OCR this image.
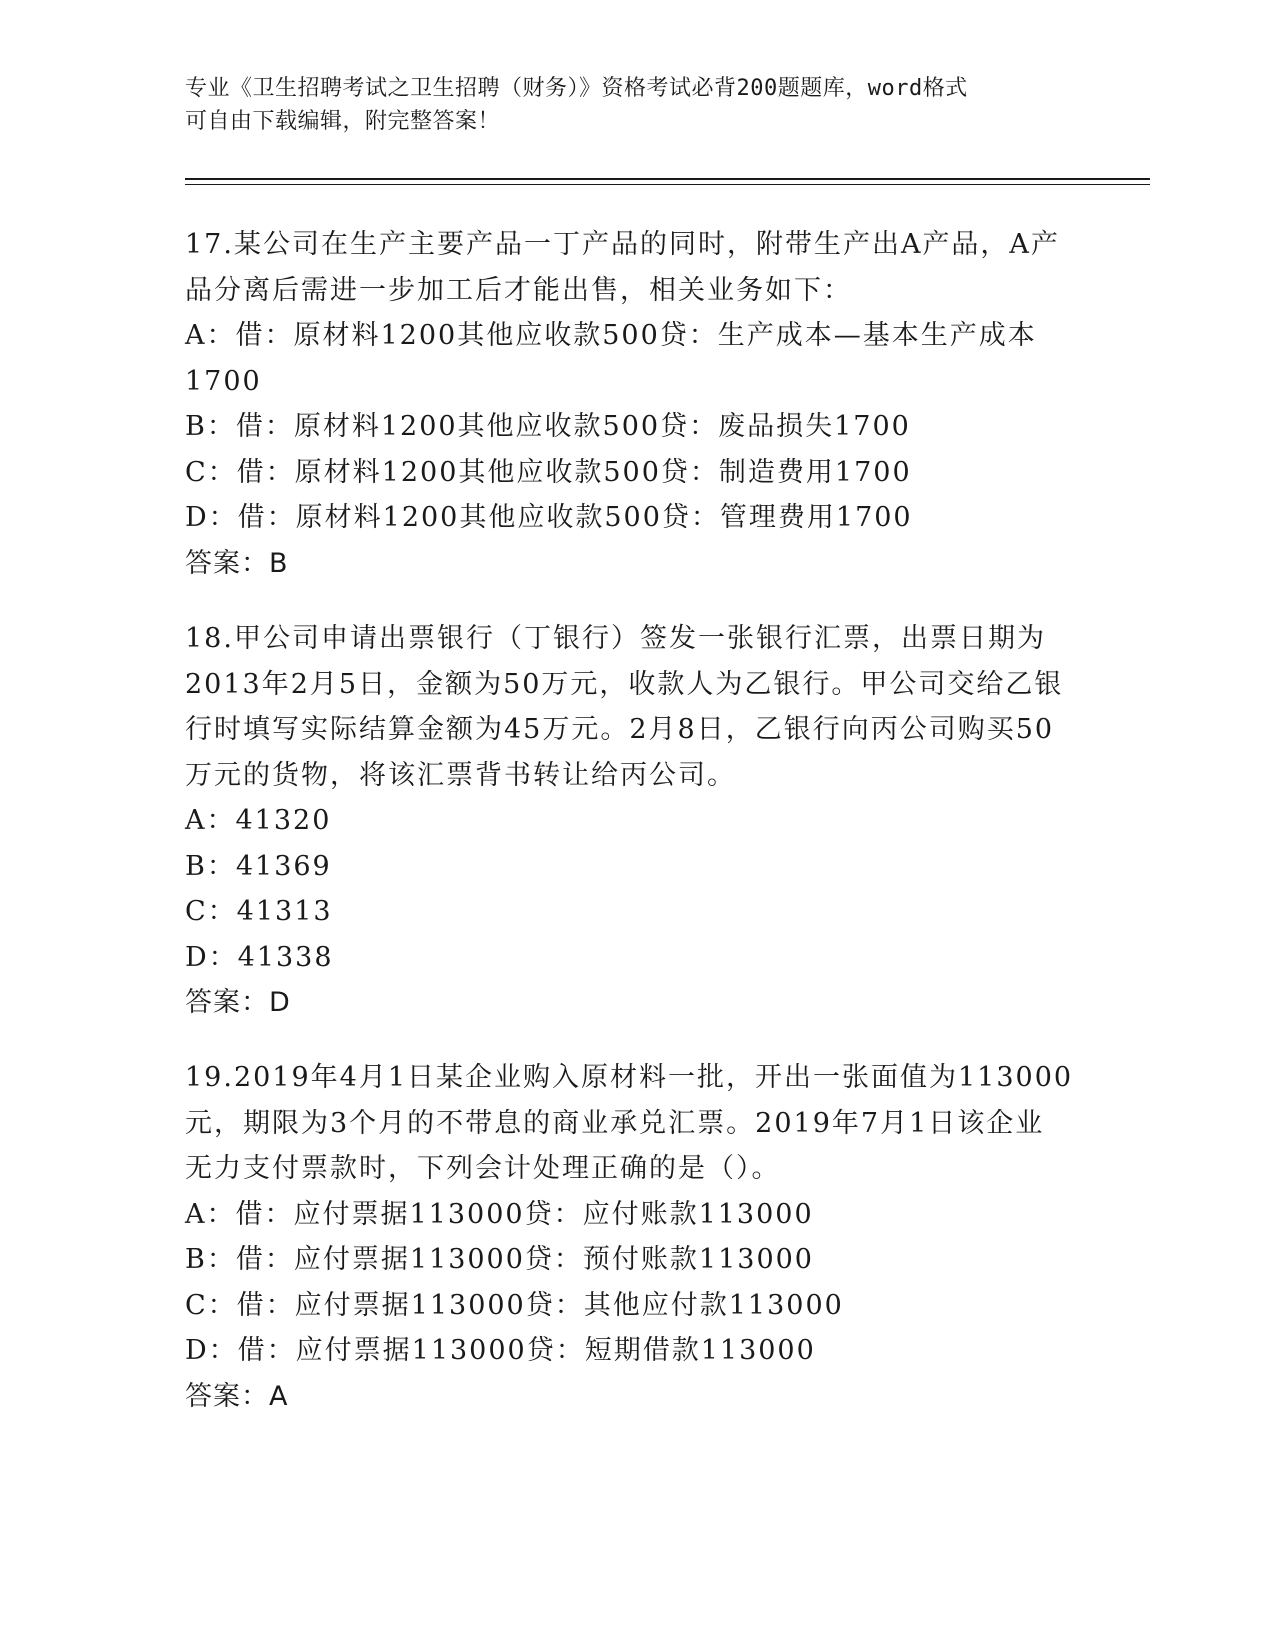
专业《卫生招聘考试之卫生招聘（财务）》资格考试必背200题题库，word格式
可自由下载编辑，附完整答案！
17.某公司在生产主要产品一丁产品的同时，附带生产出A产品，A产
品分离后需进一步加工后才能出售，相关业务如下：
A：借：原材料1200其他应收款500贷：生产成本—基本生产成本
1700
B：借：原材料1200其他应收款500贷：废品损失1700
C：借：原材料1200其他应收款500贷：制造费用1700
D：借：原材料1200其他应收款500贷：管理费用1700
答案：B
18.甲公司申请出票银行（丁银行）签发一张银行汇票，出票日期为
2013年2月5日，金额为50万元，收款人为乙银行。甲公司交给乙银
行时填写实际结算金额为45万元。2月8日，乙银行向丙公司购买50
万元的货物，将该汇票背书转让给丙公司。
A：41320
B：41369
C：41313
D：41338
答案：D
19.2019年4月1日某企业购入原材料一批，开出一张面值为113000
元，期限为3个月的不带息的商业承兑汇票。2019年7月1日该企业
无力支付票款时，下列会计处理正确的是（）。
A：借：应付票据113000贷：应付账款113000
B：借：应付票据113000贷：预付账款113000
C：借：应付票据113000贷：其他应付款113000
D：借：应付票据113000贷：短期借款113000
答案：A
